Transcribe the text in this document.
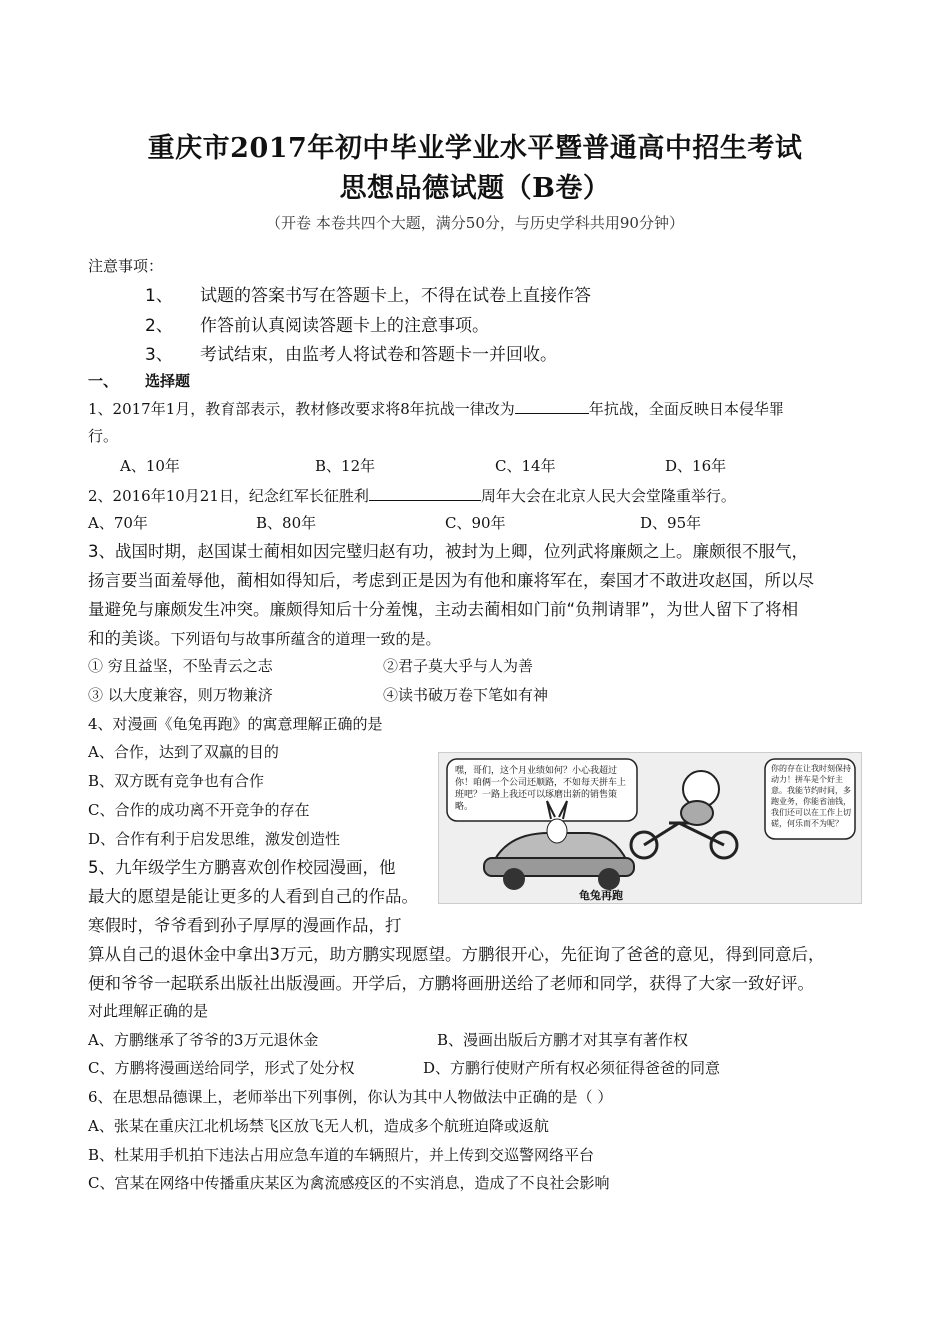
重庆市2017年初中毕业学业水平暨普通高中招生考试
思想品德试题（B卷）
（开卷 本卷共四个大题，满分50分，与历史学科共用90分钟）
注意事项：
1、 试题的答案书写在答题卡上，不得在试卷上直接作答
2、 作答前认真阅读答题卡上的注意事项。
3、 考试结束，由监考人将试卷和答题卡一并回收。
一、 选择题
1、2017年1月，教育部表示，教材修改要求将8年抗战一律改为	年抗战，全面反映日本侵华罪
行。
A、10年	B、12年	C、14年	D、16年
2、2016年10月21日，纪念红军长征胜利	周年大会在北京人民大会堂隆重举行。
A、70年	B、80年	C、90年	D、95年
3、战国时期，赵国谋士蔺相如因完璧归赵有功，被封为上卿，位列武将廉颇之上。廉颇很不服气，
扬言要当面羞辱他，蔺相如得知后，考虑到正是因为有他和廉将军在，秦国才不敢进攻赵国，所以尽
量避免与廉颇发生冲突。廉颇得知后十分羞愧，主动去蔺相如门前“负荆请罪”，为世人留下了将相
和的美谈。下列语句与故事所蕴含的道理一致的是。
① 穷且益坚，不坠青云之志	②君子莫大乎与人为善
③ 以大度兼容，则万物兼济	④读书破万卷下笔如有神
4、对漫画《龟兔再跑》的寓意理解正确的是
A、合作，达到了双赢的目的
B、双方既有竞争也有合作
C、合作的成功离不开竞争的存在
D、合作有利于启发思维，激发创造性
嘿，哥们，这个月业绩如何？小心我超过你！咱俩一个公司还顺路，不如每天拼车上班吧？一路上我还可以琢磨出新的销售策略。
你的存在让我时刻保持动力！拼车是个好主意。我能节约时间，多跑业务，你能省油钱，我们还可以在工作上切磋，何乐而不为呢？
龟兔再跑
5、九年级学生方鹏喜欢创作校园漫画，他
最大的愿望是能让更多的人看到自己的作品。
寒假时，爷爷看到孙子厚厚的漫画作品，打
算从自己的退休金中拿出3万元，助方鹏实现愿望。方鹏很开心，先征询了爸爸的意见，得到同意后，
便和爷爷一起联系出版社出版漫画。开学后，方鹏将画册送给了老师和同学，获得了大家一致好评。
对此理解正确的是
A、方鹏继承了爷爷的3万元退休金	B、漫画出版后方鹏才对其享有著作权
C、方鹏将漫画送给同学，形式了处分权	D、方鹏行使财产所有权必须征得爸爸的同意
6、在思想品德课上，老师举出下列事例，你认为其中人物做法中正确的是（ ）
A、张某在重庆江北机场禁飞区放飞无人机，造成多个航班迫降或返航
B、杜某用手机拍下违法占用应急车道的车辆照片，并上传到交巡警网络平台
C、宫某在网络中传播重庆某区为禽流感疫区的不实消息，造成了不良社会影响
